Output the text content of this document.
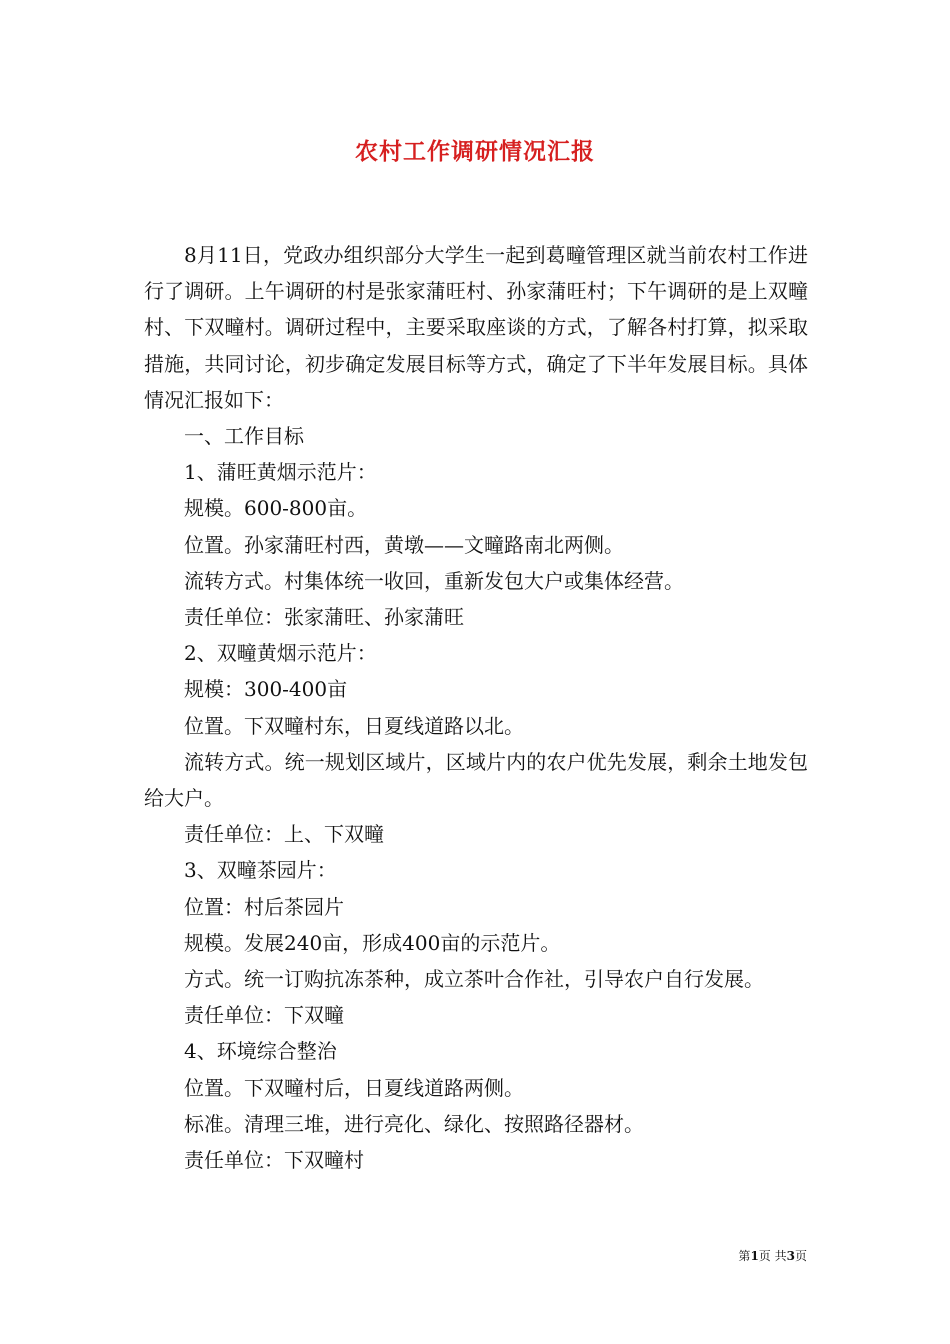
农村工作调研情况汇报

8月11日，党政办组织部分大学生一起到葛疃管理区就当前农村工作进行了调研。上午调研的村是张家蒲旺村、孙家蒲旺村；下午调研的是上双疃村、下双疃村。调研过程中，主要采取座谈的方式，了解各村打算，拟采取措施，共同讨论，初步确定发展目标等方式，确定了下半年发展目标。具体情况汇报如下：

一、工作目标

1、蒲旺黄烟示范片：

规模。600-800亩。

位置。孙家蒲旺村西，黄墩——文疃路南北两侧。

流转方式。村集体统一收回，重新发包大户或集体经营。

责任单位：张家蒲旺、孙家蒲旺

2、双疃黄烟示范片：

规模：300-400亩

位置。下双疃村东，日夏线道路以北。

流转方式。统一规划区域片，区域片内的农户优先发展，剩余土地发包给大户。

责任单位：上、下双疃

3、双疃茶园片：

位置：村后茶园片

规模。发展240亩，形成400亩的示范片。

方式。统一订购抗冻茶种，成立茶叶合作社，引导农户自行发展。

责任单位：下双疃

4、环境综合整治

位置。下双疃村后，日夏线道路两侧。

标准。清理三堆，进行亮化、绿化、按照路径器材。

责任单位：下双疃村

第1页 共3页
